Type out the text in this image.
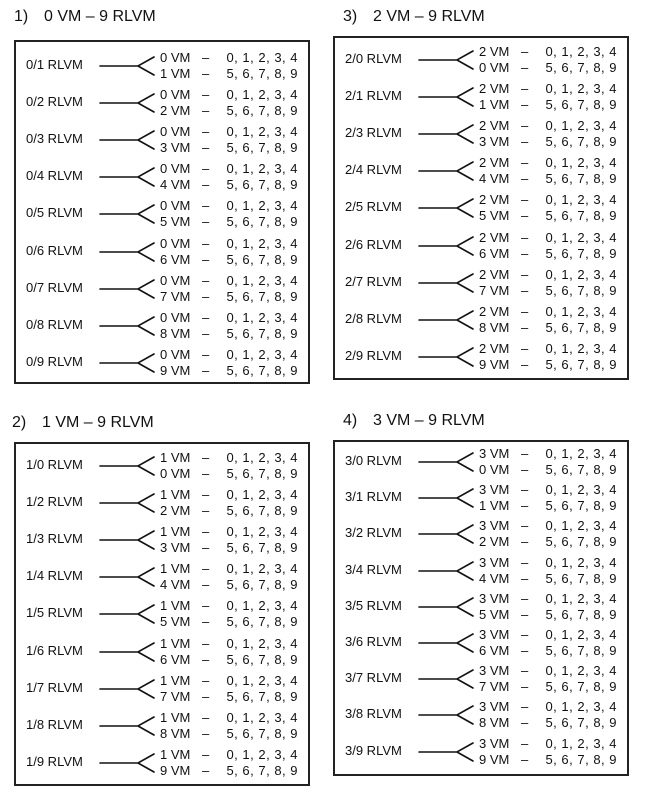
1) 0 VM – 9 RLVM
0/1 RLVM	0 VM – 0, 1, 2, 3, 4
1 VM – 5, 6, 7, 8, 9
0/2 RLVM	0 VM – 0, 1, 2, 3, 4
2 VM – 5, 6, 7, 8, 9
0/3 RLVM	0 VM – 0, 1, 2, 3, 4
3 VM – 5, 6, 7, 8, 9
0/4 RLVM	0 VM – 0, 1, 2, 3, 4
4 VM – 5, 6, 7, 8, 9
0/5 RLVM	0 VM – 0, 1, 2, 3, 4
5 VM – 5, 6, 7, 8, 9
0/6 RLVM	0 VM – 0, 1, 2, 3, 4
6 VM – 5, 6, 7, 8, 9
0/7 RLVM	0 VM – 0, 1, 2, 3, 4
7 VM – 5, 6, 7, 8, 9
0/8 RLVM	0 VM – 0, 1, 2, 3, 4
8 VM – 5, 6, 7, 8, 9
0/9 RLVM	0 VM – 0, 1, 2, 3, 4
9 VM – 5, 6, 7, 8, 9
3) 2 VM – 9 RLVM
2/0 RLVM	2 VM – 0, 1, 2, 3, 4
0 VM – 5, 6, 7, 8, 9
2/1 RLVM	2 VM – 0, 1, 2, 3, 4
1 VM – 5, 6, 7, 8, 9
2/3 RLVM	2 VM – 0, 1, 2, 3, 4
3 VM – 5, 6, 7, 8, 9
2/4 RLVM	2 VM – 0, 1, 2, 3, 4
4 VM – 5, 6, 7, 8, 9
2/5 RLVM	2 VM – 0, 1, 2, 3, 4
5 VM – 5, 6, 7, 8, 9
2/6 RLVM	2 VM – 0, 1, 2, 3, 4
6 VM – 5, 6, 7, 8, 9
2/7 RLVM	2 VM – 0, 1, 2, 3, 4
7 VM – 5, 6, 7, 8, 9
2/8 RLVM	2 VM – 0, 1, 2, 3, 4
8 VM – 5, 6, 7, 8, 9
2/9 RLVM	2 VM – 0, 1, 2, 3, 4
9 VM – 5, 6, 7, 8, 9
2) 1 VM – 9 RLVM
1/0 RLVM	1 VM – 0, 1, 2, 3, 4
0 VM – 5, 6, 7, 8, 9
1/2 RLVM	1 VM – 0, 1, 2, 3, 4
2 VM – 5, 6, 7, 8, 9
1/3 RLVM	1 VM – 0, 1, 2, 3, 4
3 VM – 5, 6, 7, 8, 9
1/4 RLVM	1 VM – 0, 1, 2, 3, 4
4 VM – 5, 6, 7, 8, 9
1/5 RLVM	1 VM – 0, 1, 2, 3, 4
5 VM – 5, 6, 7, 8, 9
1/6 RLVM	1 VM – 0, 1, 2, 3, 4
6 VM – 5, 6, 7, 8, 9
1/7 RLVM	1 VM – 0, 1, 2, 3, 4
7 VM – 5, 6, 7, 8, 9
1/8 RLVM	1 VM – 0, 1, 2, 3, 4
8 VM – 5, 6, 7, 8, 9
1/9 RLVM	1 VM – 0, 1, 2, 3, 4
9 VM – 5, 6, 7, 8, 9
4) 3 VM – 9 RLVM
3/0 RLVM	3 VM – 0, 1, 2, 3, 4
0 VM – 5, 6, 7, 8, 9
3/1 RLVM	3 VM – 0, 1, 2, 3, 4
1 VM – 5, 6, 7, 8, 9
3/2 RLVM	3 VM – 0, 1, 2, 3, 4
2 VM – 5, 6, 7, 8, 9
3/4 RLVM	3 VM – 0, 1, 2, 3, 4
4 VM – 5, 6, 7, 8, 9
3/5 RLVM	3 VM – 0, 1, 2, 3, 4
5 VM – 5, 6, 7, 8, 9
3/6 RLVM	3 VM – 0, 1, 2, 3, 4
6 VM – 5, 6, 7, 8, 9
3/7 RLVM	3 VM – 0, 1, 2, 3, 4
7 VM – 5, 6, 7, 8, 9
3/8 RLVM	3 VM – 0, 1, 2, 3, 4
8 VM – 5, 6, 7, 8, 9
3/9 RLVM	3 VM – 0, 1, 2, 3, 4
9 VM – 5, 6, 7, 8, 9
